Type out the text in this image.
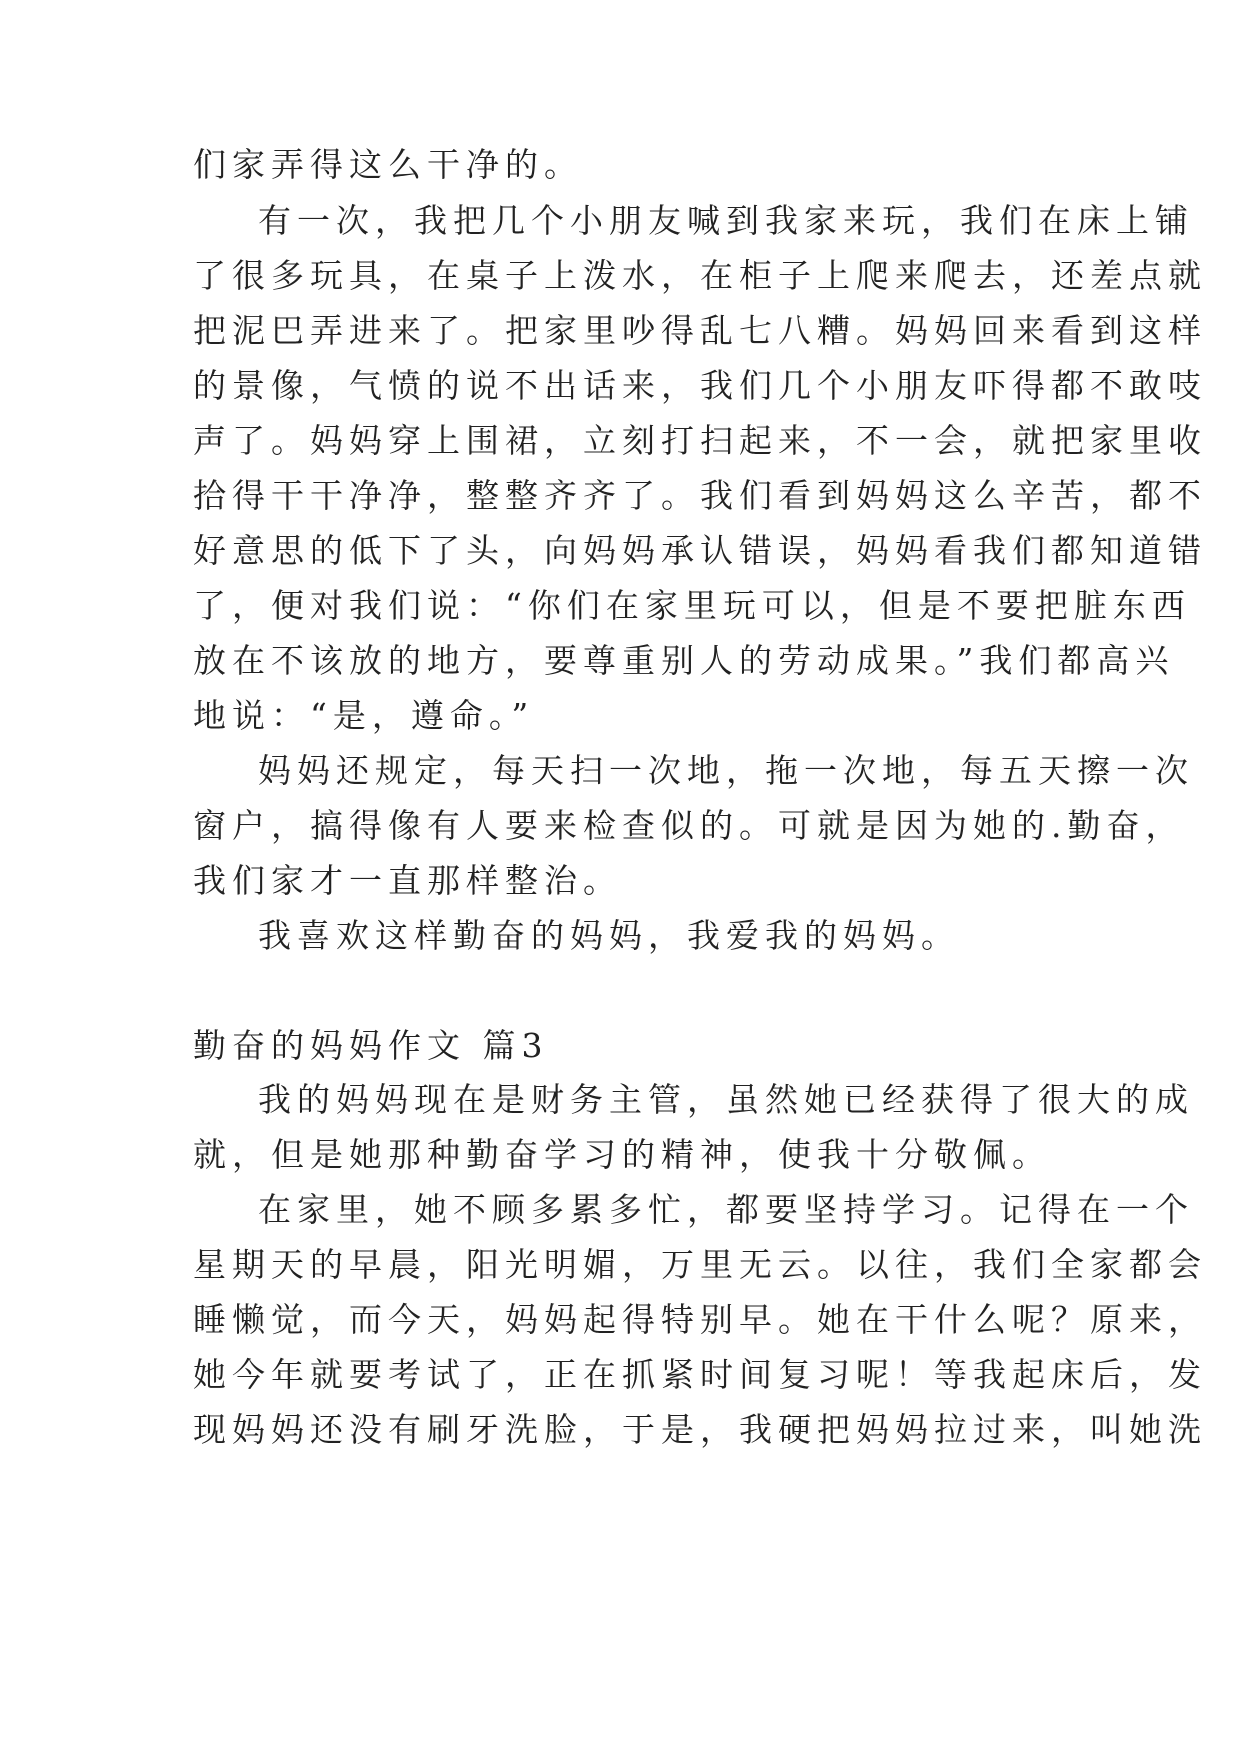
们家弄得这么干净的。
有一次，我把几个小朋友喊到我家来玩，我们在床上铺
了很多玩具，在桌子上泼水，在柜子上爬来爬去，还差点就
把泥巴弄进来了。把家里吵得乱七八糟。妈妈回来看到这样
的景像，气愤的说不出话来，我们几个小朋友吓得都不敢吱
声了。妈妈穿上围裙，立刻打扫起来，不一会，就把家里收
拾得干干净净，整整齐齐了。我们看到妈妈这么辛苦，都不
好意思的低下了头，向妈妈承认错误，妈妈看我们都知道错
了，便对我们说：“你们在家里玩可以，但是不要把脏东西
放在不该放的地方，要尊重别人的劳动成果。”我们都高兴
地说：“是，遵命。”
妈妈还规定，每天扫一次地，拖一次地，每五天擦一次
窗户，搞得像有人要来检查似的。可就是因为她的.勤奋，
我们家才一直那样整治。
我喜欢这样勤奋的妈妈，我爱我的妈妈。
勤奋的妈妈作文 篇3
我的妈妈现在是财务主管，虽然她已经获得了很大的成
就，但是她那种勤奋学习的精神，使我十分敬佩。
在家里，她不顾多累多忙，都要坚持学习。记得在一个
星期天的早晨，阳光明媚，万里无云。以往，我们全家都会
睡懒觉，而今天，妈妈起得特别早。她在干什么呢？原来，
她今年就要考试了，正在抓紧时间复习呢！等我起床后，发
现妈妈还没有刷牙洗脸，于是，我硬把妈妈拉过来，叫她洗
